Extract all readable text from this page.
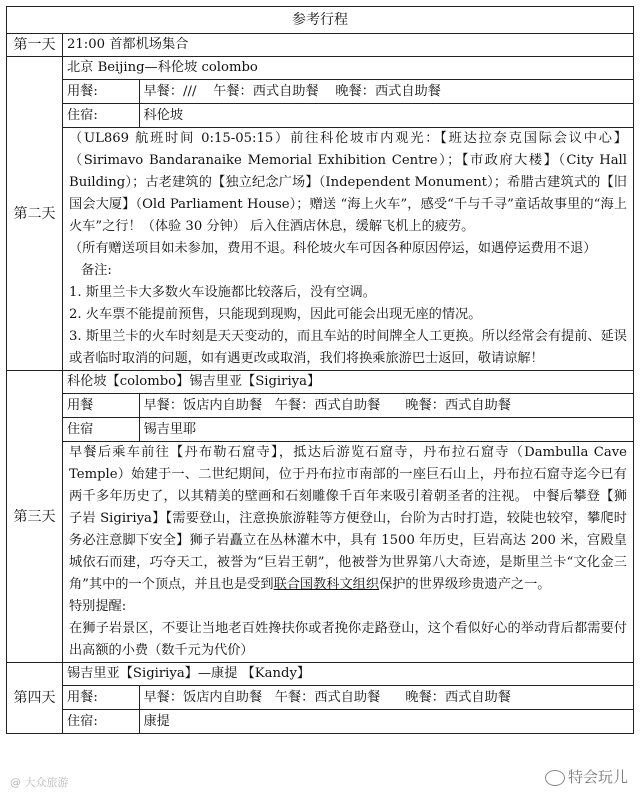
参考行程
第一天	21:00 首都机场集合
第二天	北京 Beijing—科伦坡 colombo

用餐:	早餐：///    午餐：西式自助餐    晚餐：西式自助餐
住宿:	科伦坡

（UL869 航班时间 0:15-05:15）前往科伦坡市内观光：【班达拉奈克国际会议中心】（Sirimavo Bandaranaike Memorial Exhibition Centre）；【市政府大楼】（City Hall Building）；古老建筑的【独立纪念广场】（Independent Monument）；希腊古建筑式的【旧国会大厦】（Old Parliament House）；赠送 “海上火车”，感受“千与千寻”童话故事里的“海上火车”之行！（体验 30 分钟） 后入住酒店休息，缓解飞机上的疲劳。
（所有赠送项目如未参加，费用不退。科伦坡火车可因各种原因停运，如遇停运费用不退）
备注:
1. 斯里兰卡大多数火车设施都比较落后，没有空调。
2. 火车票不能提前预售，只能现到现购，因此可能会出现无座的情况。
3. 斯里兰卡的火车时刻是天天变动的，而且车站的时间牌全人工更换。所以经常会有提前、延误或者临时取消的问题，如有遇更改或取消，我们将换乘旅游巴士返回，敬请谅解！

第三天	科伦坡【colombo】锡吉里亚【Sigiriya】

用餐	早餐：饭店内自助餐   午餐：西式自助餐      晚餐：西式自助餐
住宿	锡吉里耶

早餐后乘车前往【丹布勒石窟寺】，抵达后游览石窟寺，丹布拉石窟寺（Dambulla Cave Temple）始建于一、二世纪期间，位于丹布拉市南部的一座巨石山上，丹布拉石窟寺迄今已有两千多年历史了，以其精美的壁画和石刻雕像千百年来吸引着朝圣者的注视。 中餐后攀登【狮子岩 Sigiriya】【需要登山，注意换旅游鞋等方便登山，台阶为古时打造，较陡也较窄，攀爬时务必注意脚下安全】狮子岩矗立在丛林灌木中，具有 1500 年历史，巨岩高达 200 米，宫殿皇城依石而建，巧夺天工，被誉为“巨岩王朝”，他被誉为世界第八大奇迹，是斯里兰卡“文化金三角”其中的一个顶点，并且也是受到联合国教科文组织保护的世界级珍贵遗产之一。
特别提醒:
在狮子岩景区，不要让当地老百姓搀扶你或者挽你走路登山，这个看似好心的举动背后都需要付出高额的小费（数千元为代价）

第四天	锡吉里亚【Sigiriya】—康提 【Kandy】

用餐:	早餐：饭店内自助餐   午餐：西式自助餐      晚餐：西式自助餐
住宿:	康提
@ 大众旅游	特会玩儿
